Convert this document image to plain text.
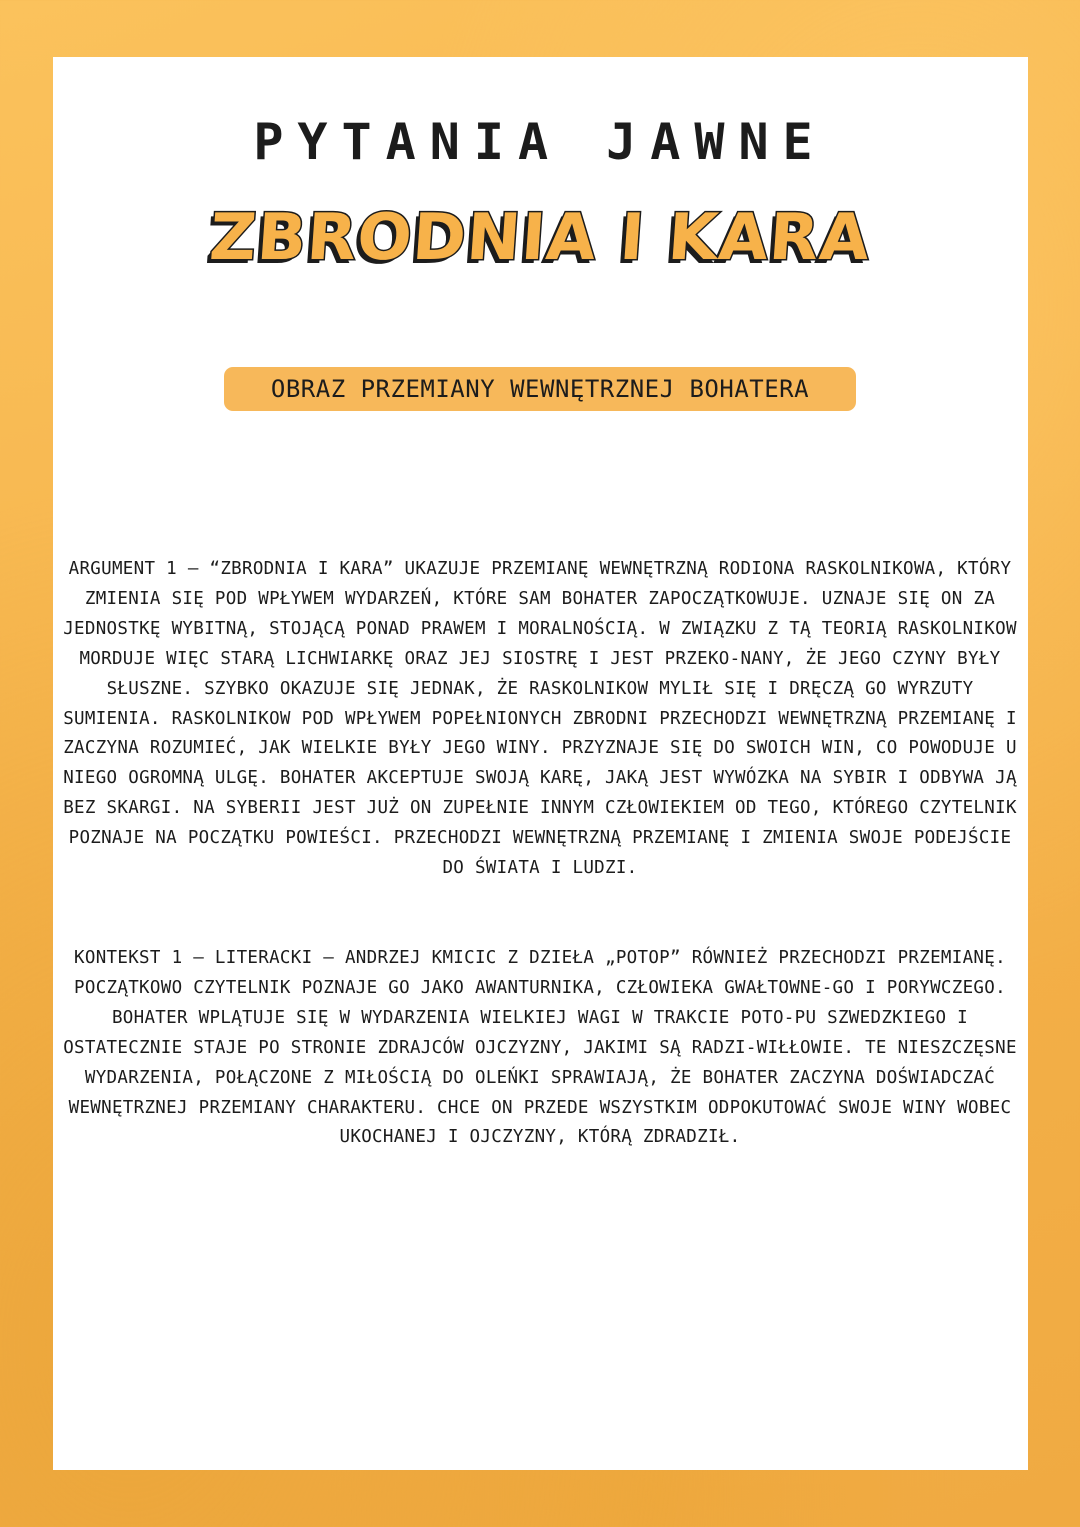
PYTANIA JAWNE
ZBRODNIA I KARA
OBRAZ PRZEMIANY WEWNĘTRZNEJ BOHATERA

ARGUMENT 1 – “ZBRODNIA I KARA” UKAZUJE PRZEMIANĘ WEWNĘTRZNĄ RODIONA RASKOLNIKOWA, KTÓRY ZMIENIA SIĘ POD WPŁYWEM WYDARZEŃ, KTÓRE SAM BOHATER ZAPOCZĄTKOWUJE. UZNAJE SIĘ ON ZA JEDNOSTKĘ WYBITNĄ, STOJĄCĄ PONAD PRAWEM I MORALNOŚCIĄ. W ZWIĄZKU Z TĄ TEORIĄ RASKOLNIKOW MORDUJE WIĘC STARĄ LICHWIARKĘ ORAZ JEJ SIOSTRĘ I JEST PRZEKO-NANY, ŻE JEGO CZYNY BYŁY SŁUSZNE. SZYBKO OKAZUJE SIĘ JEDNAK, ŻE RASKOLNIKOW MYLIŁ SIĘ I DRĘCZĄ GO WYRZUTY SUMIENIA. RASKOLNIKOW POD WPŁYWEM POPEŁNIONYCH ZBRODNI PRZECHODZI WEWNĘTRZNĄ PRZEMIANĘ I ZACZYNA ROZUMIEĆ, JAK WIELKIE BYŁY JEGO WINY. PRZYZNAJE SIĘ DO SWOICH WIN, CO POWODUJE U NIEGO OGROMNĄ ULGĘ. BOHATER AKCEPTUJE SWOJĄ KARĘ, JAKĄ JEST WYWÓZKA NA SYBIR I ODBYWA JĄ BEZ SKARGI. NA SYBERII JEST JUŻ ON ZUPEŁNIE INNYM CZŁOWIEKIEM OD TEGO, KTÓREGO CZYTELNIK POZNAJE NA POCZĄTKU POWIEŚCI. PRZECHODZI WEWNĘTRZNĄ PRZEMIANĘ I ZMIENIA SWOJE PODEJŚCIE DO ŚWIATA I LUDZI.

KONTEKST 1 – LITERACKI – ANDRZEJ KMICIC Z DZIEŁA „POTOP” RÓWNIEŻ PRZECHODZI PRZEMIANĘ. POCZĄTKOWO CZYTELNIK POZNAJE GO JAKO AWANTURNIKA, CZŁOWIEKA GWAŁTOWNE-GO I PORYWCZEGO. BOHATER WPLĄTUJE SIĘ W WYDARZENIA WIELKIEJ WAGI W TRAKCIE POTO-PU SZWEDZKIEGO I OSTATECZNIE STAJE PO STRONIE ZDRAJCÓW OJCZYZNY, JAKIMI SĄ RADZI-WIŁŁOWIE. TE NIESZCZĘSNE WYDARZENIA, POŁĄCZONE Z MIŁOŚCIĄ DO OLEŃKI SPRAWIAJĄ, ŻE BOHATER ZACZYNA DOŚWIADCZAĆ WEWNĘTRZNEJ PRZEMIANY CHARAKTERU. CHCE ON PRZEDE WSZYSTKIM ODPOKUTOWAĆ SWOJE WINY WOBEC UKOCHANEJ I OJCZYZNY, KTÓRĄ ZDRADZIŁ.
